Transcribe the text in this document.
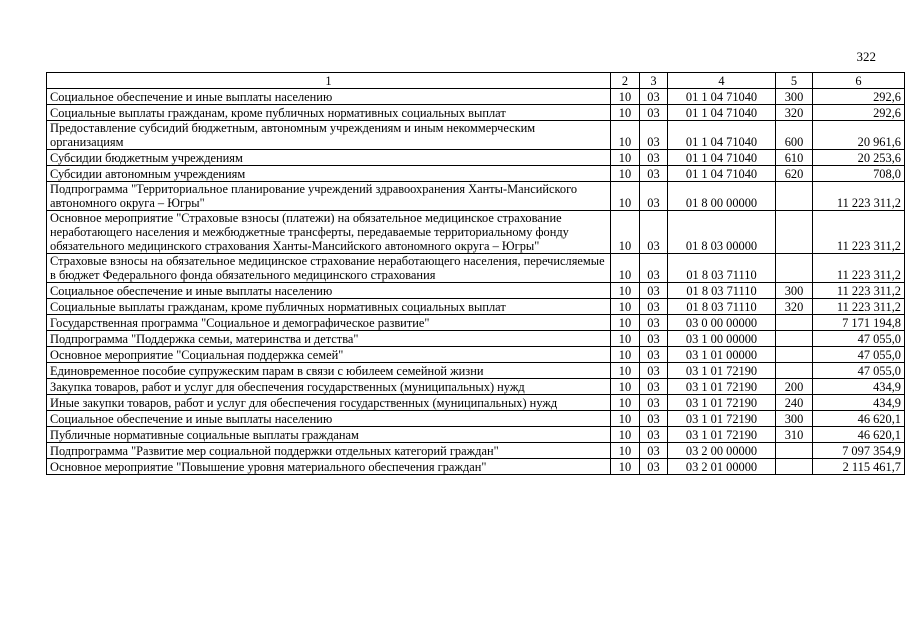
322
1	2	3	4	5	6
Социальное обеспечение и иные выплаты населению	10	03	01 1 04 71040	300	292,6
Социальные выплаты гражданам, кроме публичных нормативных социальных выплат	10	03	01 1 04 71040	320	292,6
Предоставление субсидий бюджетным, автономным учреждениям и иным некоммерческим организациям	10	03	01 1 04 71040	600	20 961,6
Субсидии бюджетным учреждениям	10	03	01 1 04 71040	610	20 253,6
Субсидии автономным учреждениям	10	03	01 1 04 71040	620	708,0
Подпрограмма "Территориальное планирование учреждений здравоохранения Ханты-Мансийского автономного округа – Югры"	10	03	01 8 00 00000		11 223 311,2
Основное мероприятие "Страховые взносы (платежи) на обязательное медицинское страхование неработающего населения и межбюджетные трансферты, передаваемые территориальному фонду обязательного медицинского страхования Ханты-Мансийского автономного округа – Югры"	10	03	01 8 03 00000		11 223 311,2
Страховые взносы на обязательное медицинское страхование неработающего населения, перечисляемые в бюджет Федерального фонда обязательного медицинского страхования	10	03	01 8 03 71110		11 223 311,2
Социальное обеспечение и иные выплаты населению	10	03	01 8 03 71110	300	11 223 311,2
Социальные выплаты гражданам, кроме публичных нормативных социальных выплат	10	03	01 8 03 71110	320	11 223 311,2
Государственная программа "Социальное и демографическое развитие"	10	03	03 0 00 00000		7 171 194,8
Подпрограмма "Поддержка семьи, материнства и детства"	10	03	03 1 00 00000		47 055,0
Основное мероприятие "Социальная поддержка семей"	10	03	03 1 01 00000		47 055,0
Единовременное пособие супружеским парам в связи с юбилеем семейной жизни	10	03	03 1 01 72190		47 055,0
Закупка товаров, работ и услуг для обеспечения государственных (муниципальных) нужд	10	03	03 1 01 72190	200	434,9
Иные закупки товаров, работ и услуг для обеспечения государственных (муниципальных) нужд	10	03	03 1 01 72190	240	434,9
Социальное обеспечение и иные выплаты населению	10	03	03 1 01 72190	300	46 620,1
Публичные нормативные социальные выплаты гражданам	10	03	03 1 01 72190	310	46 620,1
Подпрограмма "Развитие мер социальной поддержки отдельных категорий граждан"	10	03	03 2 00 00000		7 097 354,9
Основное мероприятие "Повышение уровня материального обеспечения граждан"	10	03	03 2 01 00000		2 115 461,7
